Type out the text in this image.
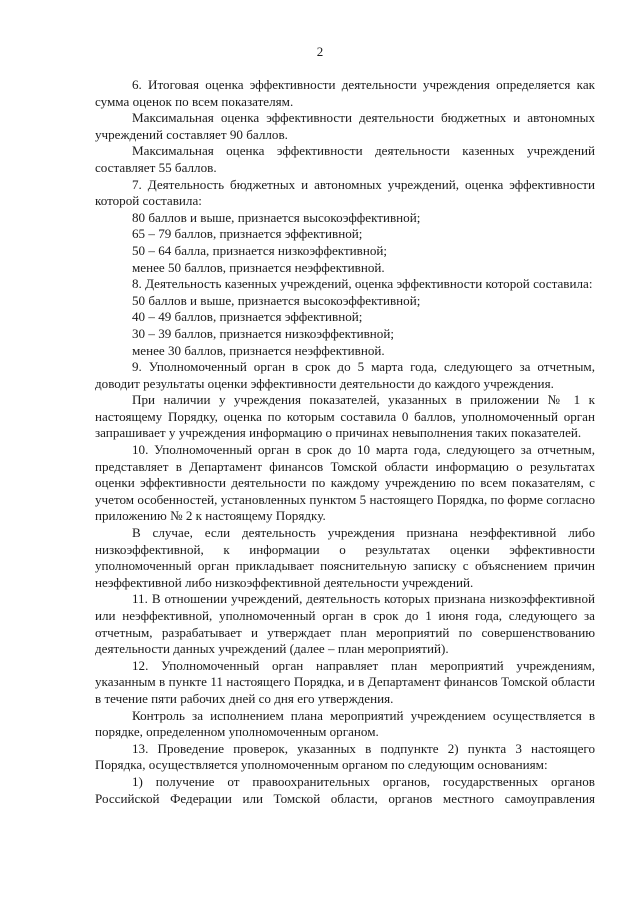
2

6. Итоговая оценка эффективности деятельности учреждения определяется как сумма оценок по всем показателям.

Максимальная оценка эффективности деятельности бюджетных и автономных учреждений составляет 90 баллов.

Максимальная оценка эффективности деятельности казенных учреждений составляет 55 баллов.

7. Деятельность бюджетных и автономных учреждений, оценка эффективности которой составила:

80 баллов и выше, признается высокоэффективной;

65 – 79 баллов, признается эффективной;

50 – 64 балла, признается низкоэффективной;

менее 50 баллов, признается неэффективной.

8. Деятельность казенных учреждений, оценка эффективности которой составила:

50 баллов и выше, признается высокоэффективной;

40 – 49 баллов, признается эффективной;

30 – 39 баллов, признается низкоэффективной;

менее 30 баллов, признается неэффективной.

9. Уполномоченный орган в срок до 5 марта года, следующего за отчетным, доводит результаты оценки эффективности деятельности до каждого учреждения.

При наличии у учреждения показателей, указанных в приложении № 1 к настоящему Порядку, оценка по которым составила 0 баллов, уполномоченный орган запрашивает у учреждения информацию о причинах невыполнения таких показателей.

10. Уполномоченный орган в срок до 10 марта года, следующего за отчетным, представляет в Департамент финансов Томской области информацию о результатах оценки эффективности деятельности по каждому учреждению по всем показателям, с учетом особенностей, установленных пунктом 5 настоящего Порядка, по форме согласно приложению № 2 к настоящему Порядку.

В случае, если деятельность учреждения признана неэффективной либо низкоэффективной, к информации о результатах оценки эффективности уполномоченный орган прикладывает пояснительную записку с объяснением причин неэффективной либо низкоэффективной деятельности учреждений.

11. В отношении учреждений, деятельность которых признана низкоэффективной или неэффективной, уполномоченный орган в срок до 1 июня года, следующего за отчетным, разрабатывает и утверждает план мероприятий по совершенствованию деятельности данных учреждений (далее – план мероприятий).

12. Уполномоченный орган направляет план мероприятий учреждениям, указанным в пункте 11 настоящего Порядка, и в Департамент финансов Томской области в течение пяти рабочих дней со дня его утверждения.

Контроль за исполнением плана мероприятий учреждением осуществляется в порядке, определенном уполномоченным органом.

13. Проведение проверок, указанных в подпункте 2) пункта 3 настоящего Порядка, осуществляется уполномоченным органом по следующим основаниям:

1) получение от правоохранительных органов, государственных органов Российской Федерации или Томской области, органов местного самоуправления
